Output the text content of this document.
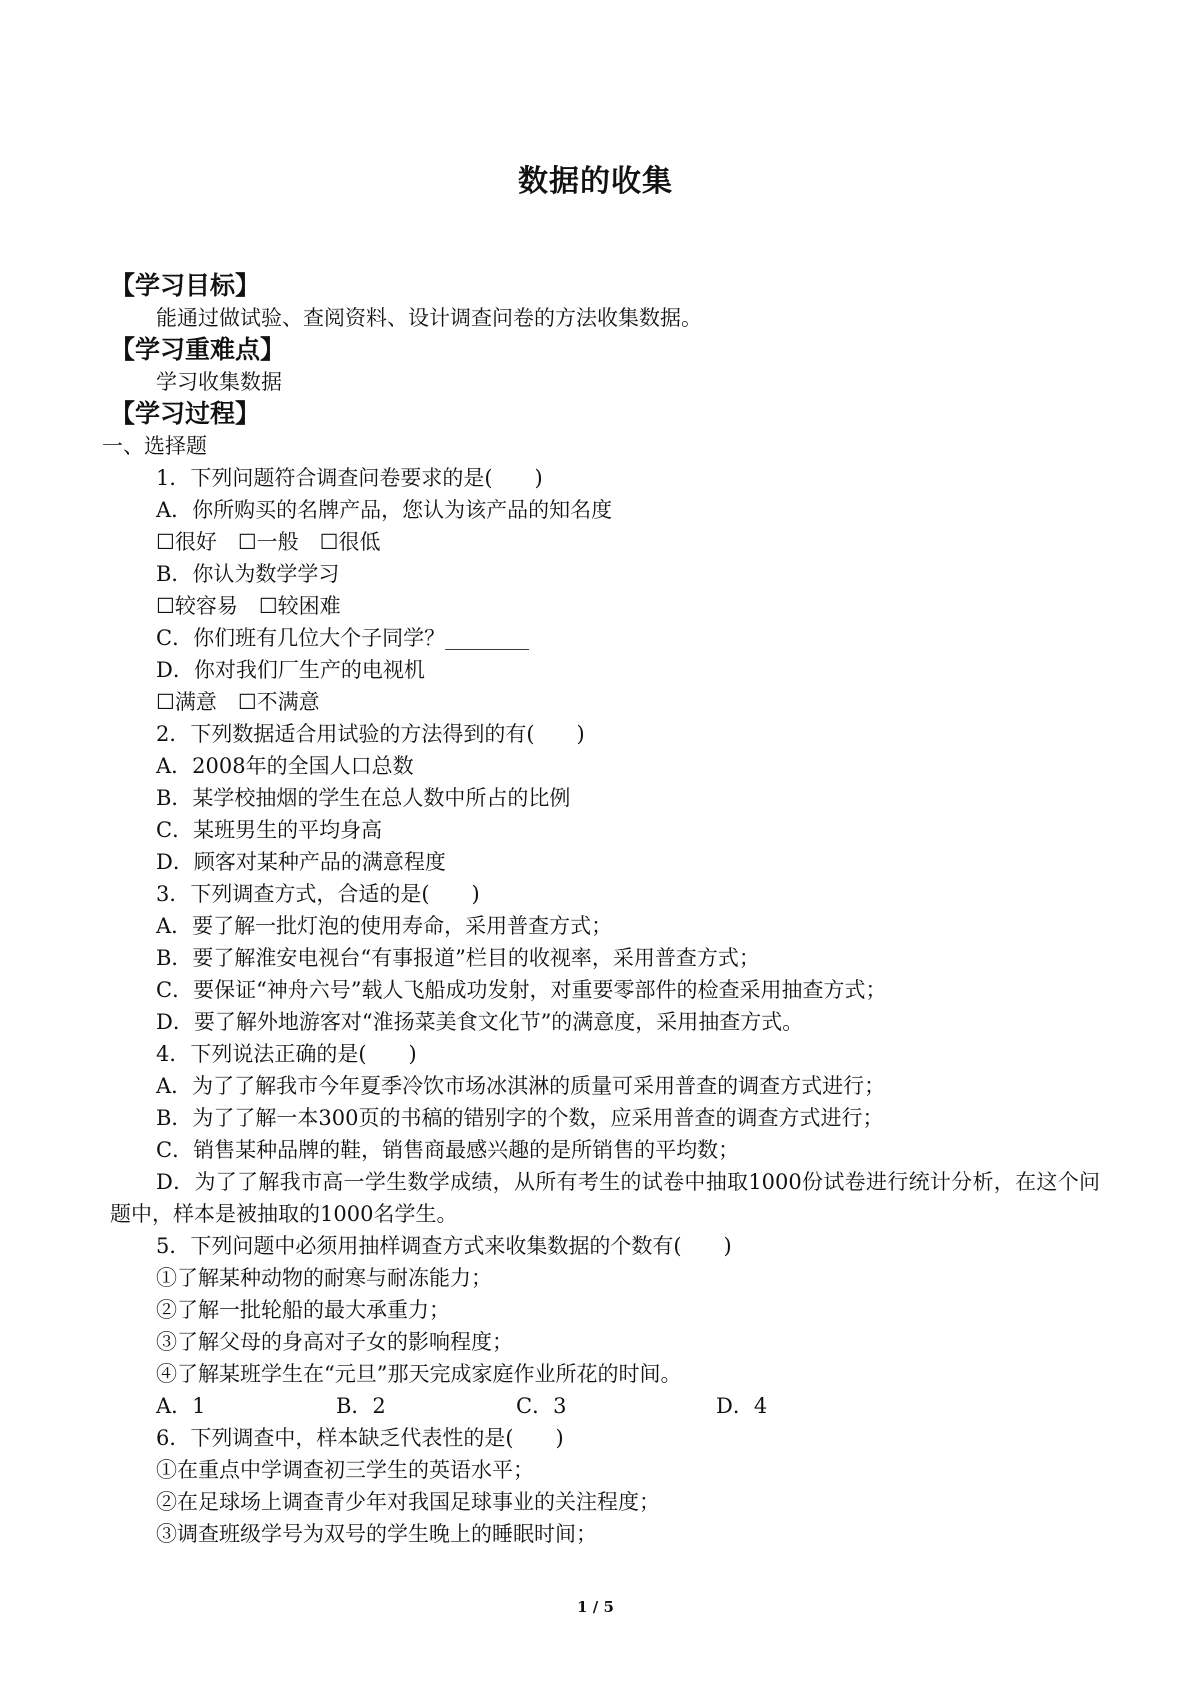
数据的收集
【学习目标】
能通过做试验、查阅资料、设计调查问卷的方法收集数据。
【学习重难点】
学习收集数据
【学习过程】
一、选择题
1．下列问题符合调查问卷要求的是(　　)
A．你所购买的名牌产品，您认为该产品的知名度
☐很好　☐一般　☐很低
B．你认为数学学习
☐较容易　☐较困难
C．你们班有几位大个子同学？________
D．你对我们厂生产的电视机
☐满意　☐不满意
2．下列数据适合用试验的方法得到的有(　　)
A．2008年的全国人口总数
B．某学校抽烟的学生在总人数中所占的比例
C．某班男生的平均身高
D．顾客对某种产品的满意程度
3．下列调查方式，合适的是(　　)
A．要了解一批灯泡的使用寿命，采用普查方式；
B．要了解淮安电视台“有事报道”栏目的收视率，采用普查方式；
C．要保证“神舟六号”载人飞船成功发射，对重要零部件的检查采用抽查方式；
D．要了解外地游客对“淮扬菜美食文化节”的满意度，采用抽查方式。
4．下列说法正确的是(　　)
A．为了了解我市今年夏季冷饮市场冰淇淋的质量可采用普查的调查方式进行；
B．为了了解一本300页的书稿的错别字的个数，应采用普查的调查方式进行；
C．销售某种品牌的鞋，销售商最感兴趣的是所销售的平均数；
D．为了了解我市高一学生数学成绩，从所有考生的试卷中抽取1000份试卷进行统计分析，在这个问题中，样本是被抽取的1000名学生。
5．下列问题中必须用抽样调查方式来收集数据的个数有(　　)
①了解某种动物的耐寒与耐冻能力；
②了解一批轮船的最大承重力；
③了解父母的身高对子女的影响程度；
④了解某班学生在“元旦”那天完成家庭作业所花的时间。
A．1	B．2	C．3	D．4
6．下列调查中，样本缺乏代表性的是(　　)
①在重点中学调查初三学生的英语水平；
②在足球场上调查青少年对我国足球事业的关注程度；
③调查班级学号为双号的学生晚上的睡眠时间；
1 / 5
